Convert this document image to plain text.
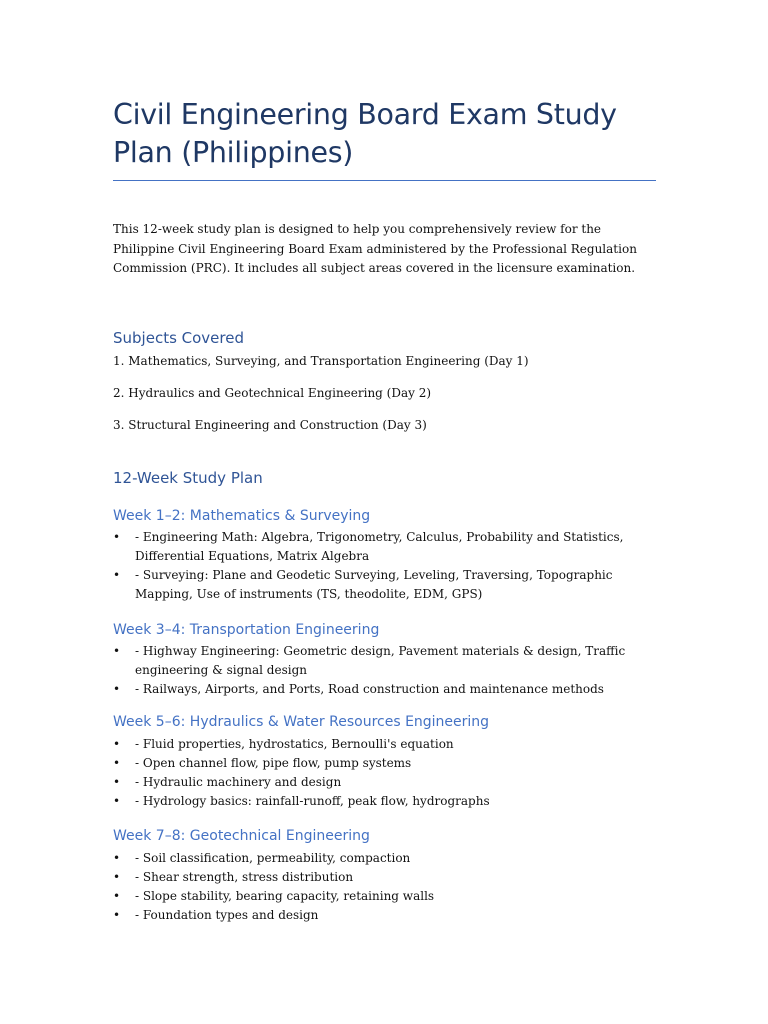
Civil Engineering Board Exam Study Plan (Philippines)

This 12-week study plan is designed to help you comprehensively review for the Philippine Civil Engineering Board Exam administered by the Professional Regulation Commission (PRC). It includes all subject areas covered in the licensure examination.

Subjects Covered

1. Mathematics, Surveying, and Transportation Engineering (Day 1)

2. Hydraulics and Geotechnical Engineering (Day 2)

3. Structural Engineering and Construction (Day 3)

12-Week Study Plan
Week 1–2: Mathematics & Surveying
• - Engineering Math: Algebra, Trigonometry, Calculus, Probability and Statistics, Differential Equations, Matrix Algebra
• - Surveying: Plane and Geodetic Surveying, Leveling, Traversing, Topographic Mapping, Use of instruments (TS, theodolite, EDM, GPS)
Week 3–4: Transportation Engineering
• - Highway Engineering: Geometric design, Pavement materials & design, Traffic engineering & signal design
• - Railways, Airports, and Ports, Road construction and maintenance methods
Week 5–6: Hydraulics & Water Resources Engineering
• - Fluid properties, hydrostatics, Bernoulli's equation
• - Open channel flow, pipe flow, pump systems
• - Hydraulic machinery and design
• - Hydrology basics: rainfall-runoff, peak flow, hydrographs
Week 7–8: Geotechnical Engineering
• - Soil classification, permeability, compaction
• - Shear strength, stress distribution
• - Slope stability, bearing capacity, retaining walls
• - Foundation types and design
